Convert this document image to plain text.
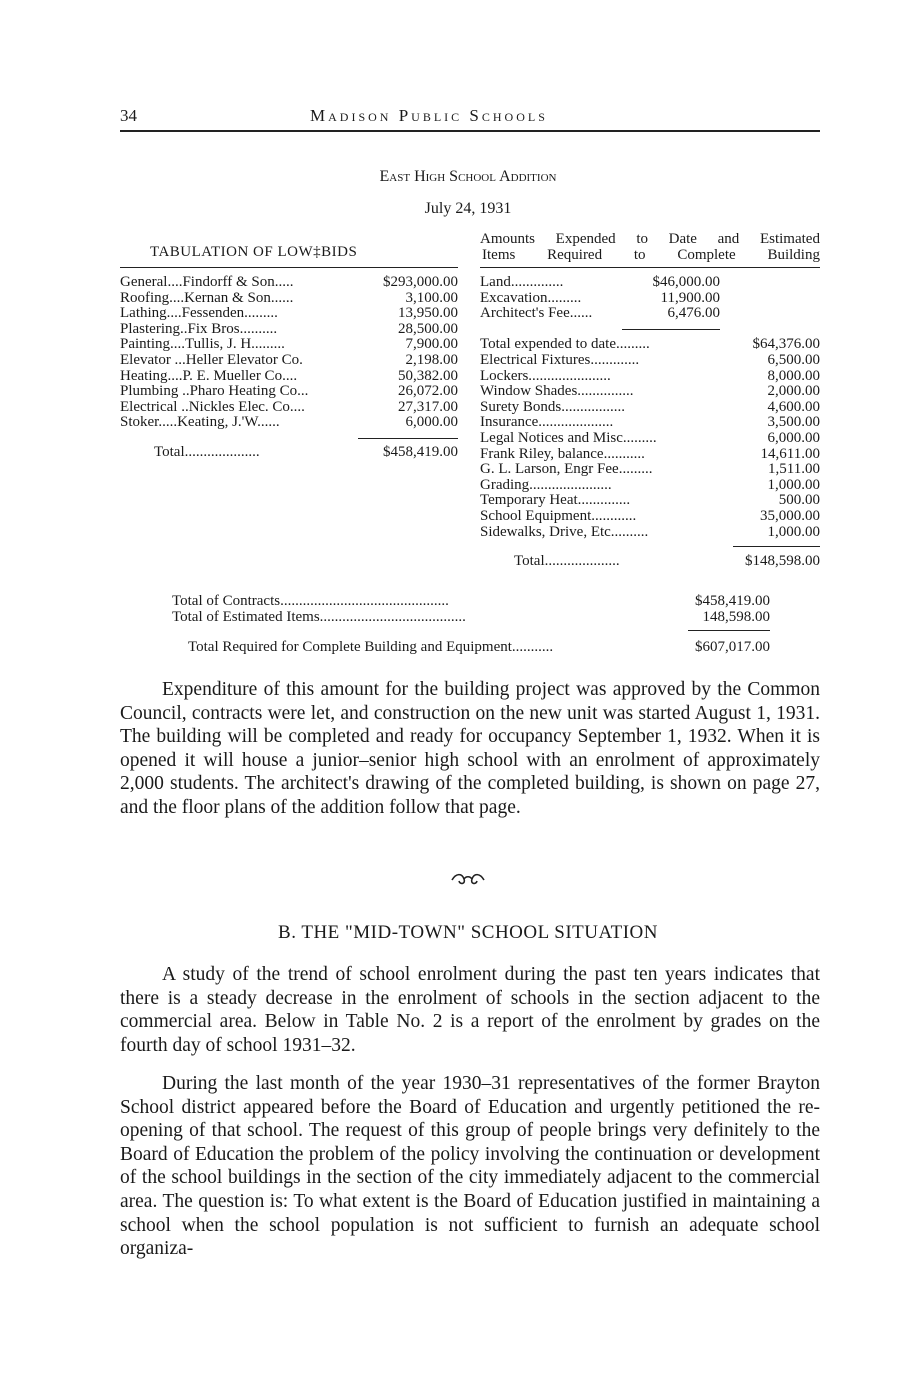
34	Madison Public Schools
East High School Addition
July 24, 1931
TABULATION OF LOW‡BIDS
Amounts Expended to Date and Estimated
Items Required to Complete Building
General....Findorff & Son.....	$293,000.00
Roofing....Kernan & Son......	3,100.00
Lathing....Fessenden.........	13,950.00
Plastering..Fix Bros..........	28,500.00
Painting....Tullis, J. H.........	7,900.00
Elevator ...Heller Elevator Co.	2,198.00
Heating....P. E. Mueller Co....	50,382.00
Plumbing ..Pharo Heating Co...	26,072.00
Electrical ..Nickles Elec. Co....	27,317.00
Stoker.....Keating, J.'W......	6,000.00
Total....................	$458,419.00
Land..............	$46,000.00
Excavation.........	11,900.00
Architect's Fee......	6,476.00
Total expended to date.........	$64,376.00
Electrical Fixtures.............	6,500.00
Lockers......................	8,000.00
Window Shades...............	2,000.00
Surety Bonds.................	4,600.00
Insurance....................	3,500.00
Legal Notices and Misc.........	6,000.00
Frank Riley, balance...........	14,611.00
G. L. Larson, Engr Fee.........	1,511.00
Grading......................	1,000.00
Temporary Heat..............	500.00
School Equipment............	35,000.00
Sidewalks, Drive, Etc..........	1,000.00
Total....................	$148,598.00
Total of Contracts.............................................	$458,419.00
Total of Estimated Items.......................................	148,598.00
Total Required for Complete Building and Equipment...........	$607,017.00
Expenditure of this amount for the building project was approved by the Common Council, contracts were let, and construction on the new unit was started August 1, 1931. The building will be completed and ready for occupancy September 1, 1932. When it is opened it will house a junior–senior high school with an enrolment of approximately 2,000 students. The architect's drawing of the completed building, is shown on page 27, and the floor plans of the addition follow that page.
B. THE "MID-TOWN" SCHOOL SITUATION
A study of the trend of school enrolment during the past ten years indicates that there is a steady decrease in the enrolment of schools in the section adjacent to the commercial area. Below in Table No. 2 is a report of the enrolment by grades on the fourth day of school 1931–32.
During the last month of the year 1930–31 representatives of the former Brayton School district appeared before the Board of Education and urgently petitioned the re-opening of that school. The request of this group of people brings very definitely to the Board of Education the problem of the policy involving the continuation or development of the school buildings in the section of the city immediately adjacent to the commercial area. The question is: To what extent is the Board of Education justified in maintaining a school when the school population is not sufficient to furnish an adequate school organiza-
